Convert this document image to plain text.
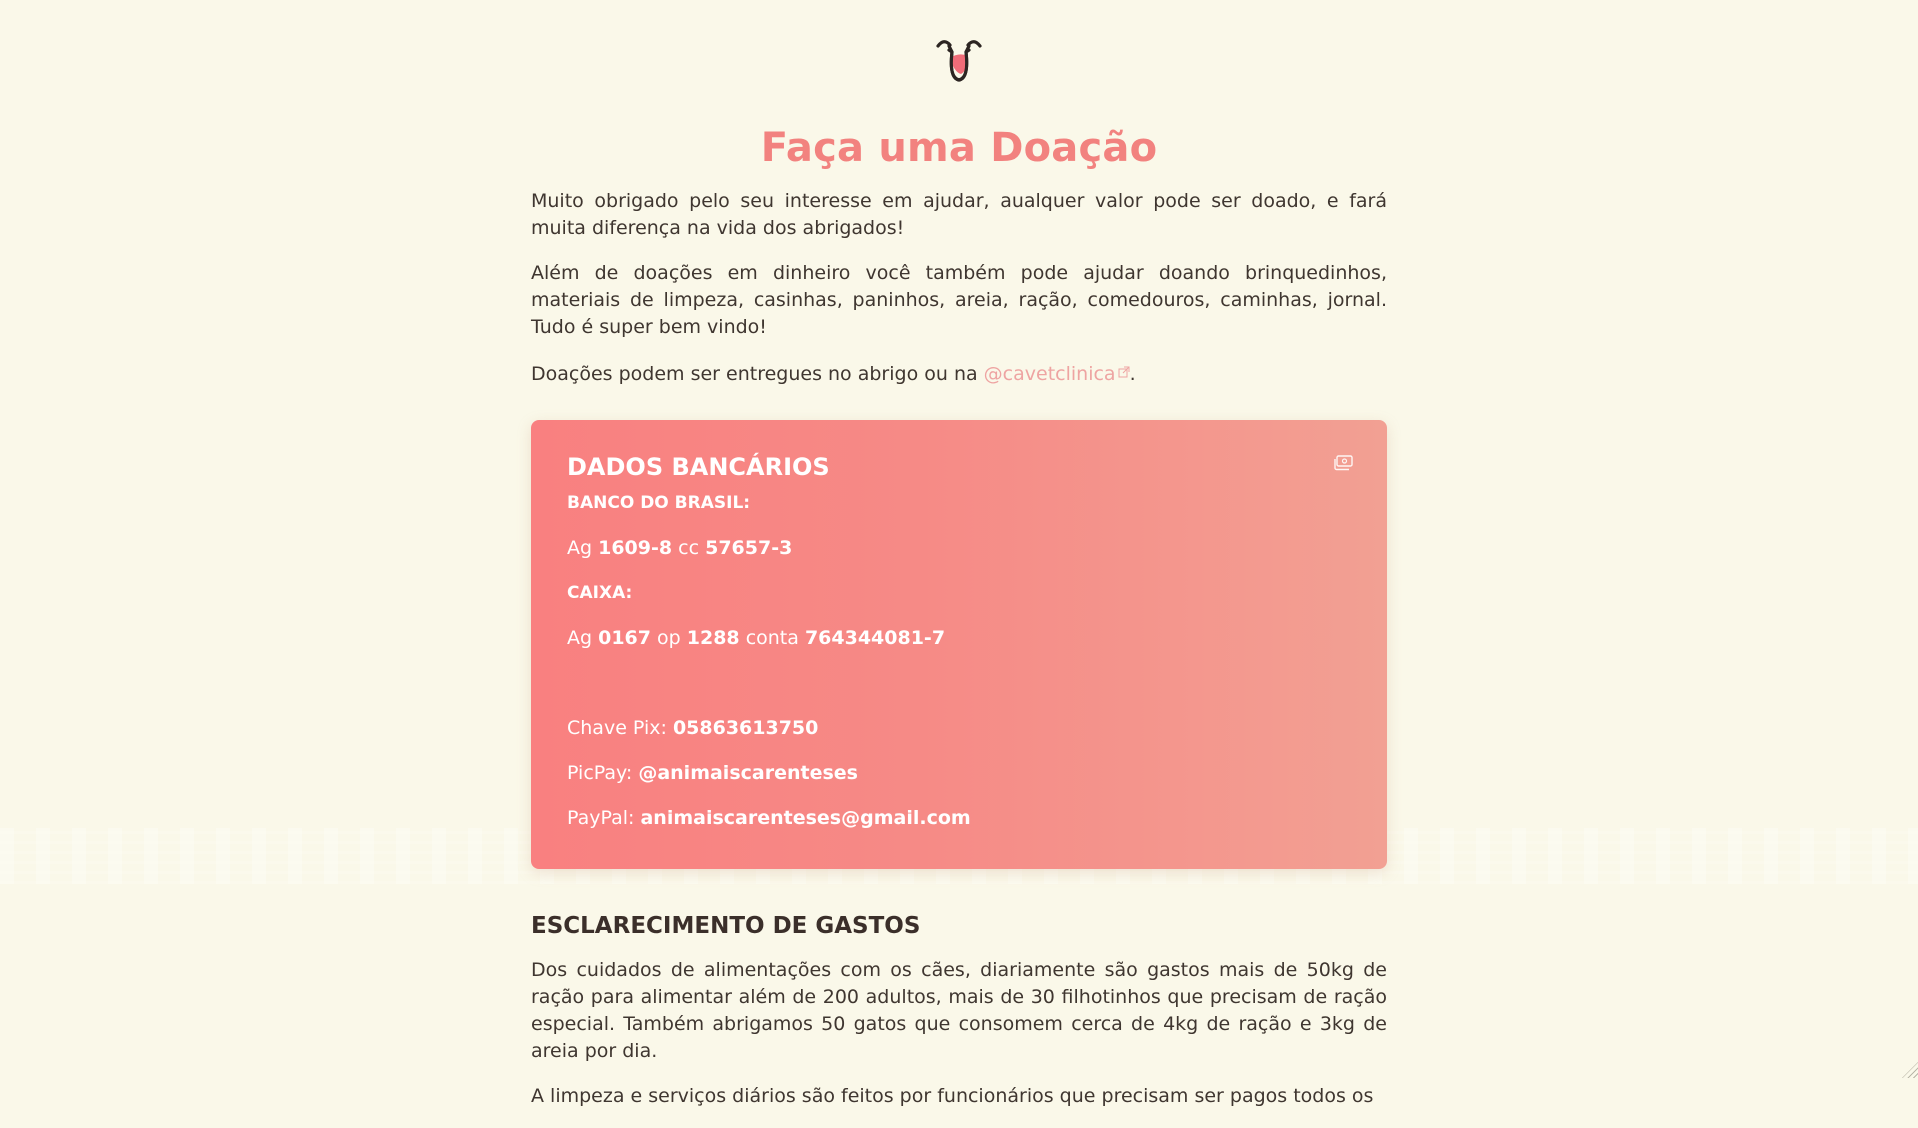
Faça uma Doação

Muito obrigado pelo seu interesse em ajudar, aualquer valor pode ser doado, e fará muita diferença na vida dos abrigados!

Além de doações em dinheiro você também pode ajudar doando brinquedinhos, materiais de limpeza, casinhas, paninhos, areia, ração, comedouros, caminhas, jornal. Tudo é super bem vindo!

Doações podem ser entregues no abrigo ou na @cavetclinica .

DADOS BANCÁRIOS
BANCO DO BRASIL:
Ag 1609-8 cc 57657-3
CAIXA:
Ag 0167 op 1288 conta 764344081-7
Chave Pix: 05863613750
PicPay: @animaiscarenteses
PayPal: animaiscarenteses@gmail.com
ESCLARECIMENTO DE GASTOS

Dos cuidados de alimentações com os cães, diariamente são gastos mais de 50kg de ração para alimentar além de 200 adultos, mais de 30 filhotinhos que precisam de ração especial. Também abrigamos 50 gatos que consomem cerca de 4kg de ração e 3kg de areia por dia.

A limpeza e serviços diários são feitos por funcionários que precisam ser pagos todos os
